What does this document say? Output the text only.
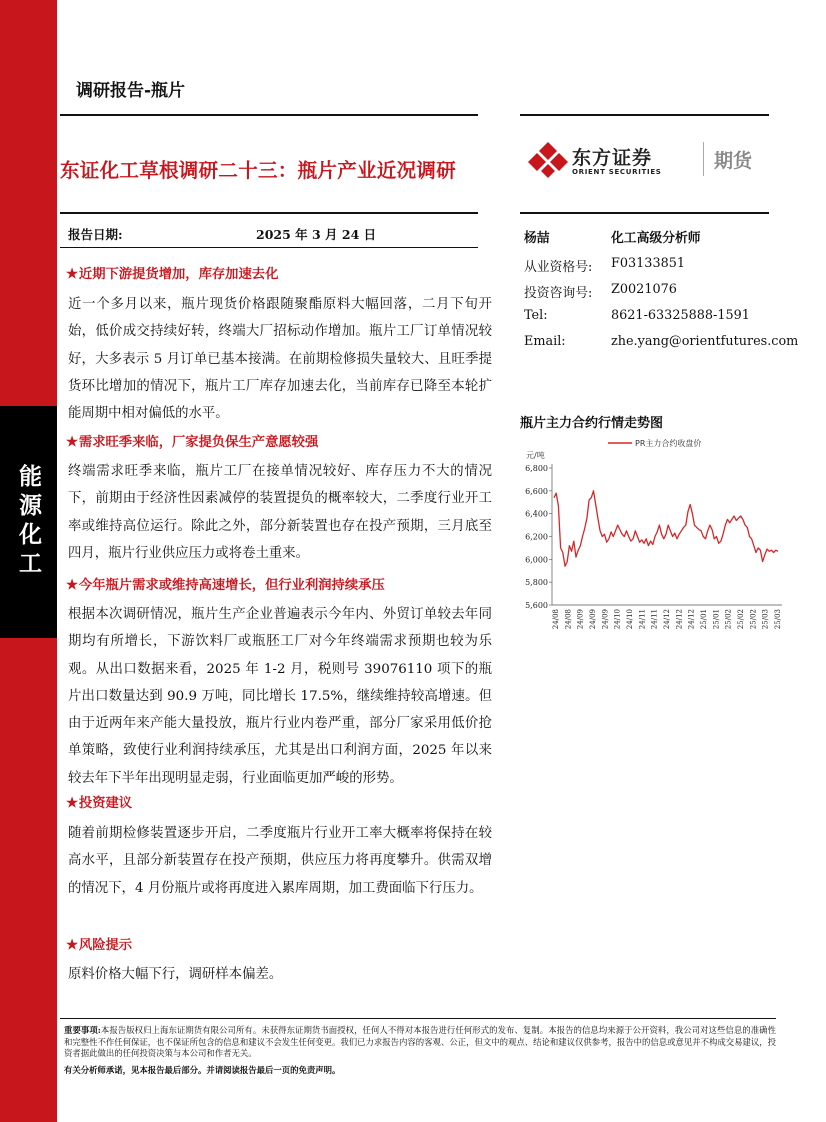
能源化工
调研报告-瓶片
东证化工草根调研二十三：瓶片产业近况调研
东方证券
ORIENT SECURITIES	期货
报告日期:	2025 年 3 月 24 日
★近期下游提货增加，库存加速去化
近一个多月以来，瓶片现货价格跟随聚酯原料大幅回落，二月下旬开始，低价成交持续好转，终端大厂招标动作增加。瓶片工厂订单情况较好，大多表示 5 月订单已基本接满。在前期检修损失量较大、且旺季提货环比增加的情况下，瓶片工厂库存加速去化，当前库存已降至本轮扩能周期中相对偏低的水平。
★需求旺季来临，厂家提负保生产意愿较强
终端需求旺季来临，瓶片工厂在接单情况较好、库存压力不大的情况下，前期由于经济性因素减停的装置提负的概率较大，二季度行业开工率或维持高位运行。除此之外，部分新装置也存在投产预期，三月底至四月，瓶片行业供应压力或将卷土重来。
★今年瓶片需求或维持高速增长，但行业利润持续承压
根据本次调研情况，瓶片生产企业普遍表示今年内、外贸订单较去年同期均有所增长，下游饮料厂或瓶胚工厂对今年终端需求预期也较为乐观。从出口数据来看，2025 年 1-2 月，税则号 39076110 项下的瓶片出口数量达到 90.9 万吨，同比增长 17.5%，继续维持较高增速。但由于近两年来产能大量投放，瓶片行业内卷严重，部分厂家采用低价抢单策略，致使行业利润持续承压，尤其是出口利润方面，2025 年以来较去年下半年出现明显走弱，行业面临更加严峻的形势。
★投资建议
随着前期检修装置逐步开启，二季度瓶片行业开工率大概率将保持在较高水平，且部分新装置存在投产预期，供应压力将再度攀升。供需双增的情况下，4 月份瓶片或将再度进入累库周期，加工费面临下行压力。
★风险提示
原料价格大幅下行，调研样本偏差。
杨喆	化工高级分析师
从业资格号: F03133851
投资咨询号: Z0021076
Tel:	8621-63325888-1591
Email:	zhe.yang@orientfutures.com
瓶片主力合约行情走势图
元/吨
PR主力合约收盘价
5,600
5,800
6,000
6,200
6,400
6,600
6,800
24/08 24/08 24/09 24/09 24/09 24/10 24/10 24/11 24/11 24/12 24/12 24/12 25/01 25/01 25/02 25/02 25/02 25/03 25/03
重要事项:本报告版权归上海东证期货有限公司所有。未获得东证期货书面授权，任何人不得对本报告进行任何形式的发布、复制。本报告的信息均来源于公开资料，我公司对这些信息的准确性和完整性不作任何保证，也不保证所包含的信息和建议不会发生任何变更。我们已力求报告内容的客观、公正，但文中的观点、结论和建议仅供参考，报告中的信息或意见并不构成交易建议，投资者据此做出的任何投资决策与本公司和作者无关。
有关分析师承诺，见本报告最后部分。并请阅读报告最后一页的免责声明。
